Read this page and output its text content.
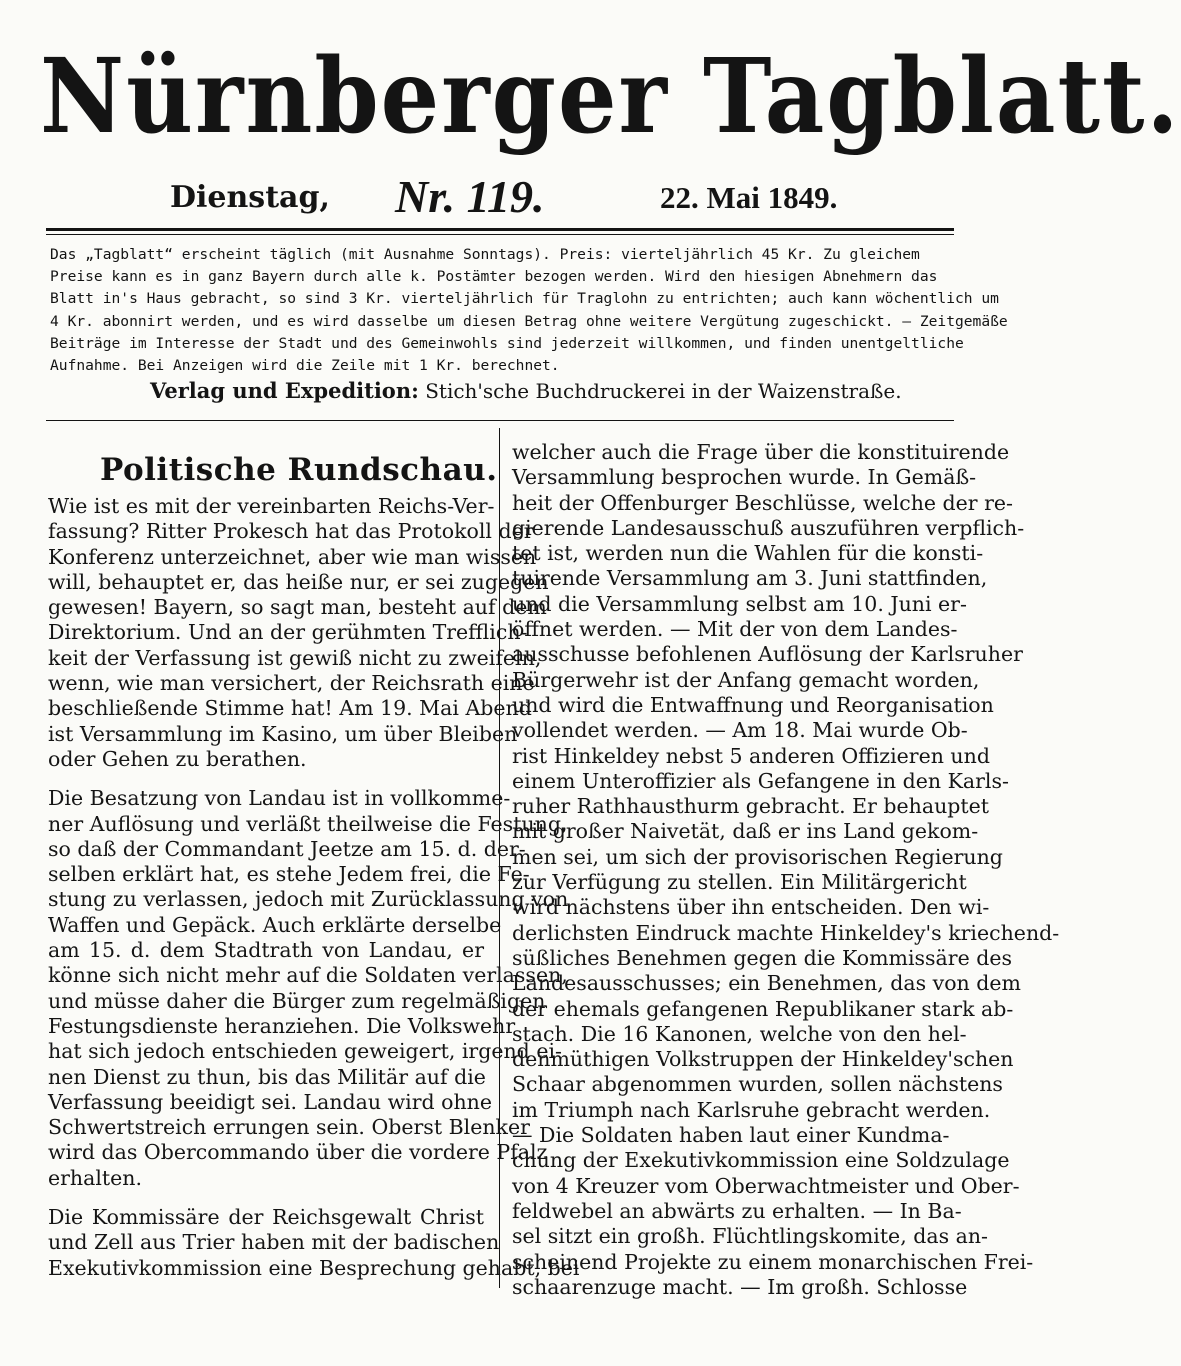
Nürnberger Tagblatt.
Dienstag, Nr. 119.	22. Mai 1849.
Das „Tagblatt“ erscheint täglich (mit Ausnahme Sonntags). Preis: vierteljährlich 45 Kr. Zu gleichem
Preise kann es in ganz Bayern durch alle k. Postämter bezogen werden. Wird den hiesigen Abnehmern das
Blatt in's Haus gebracht, so sind 3 Kr. vierteljährlich für Traglohn zu entrichten; auch kann wöchentlich um
4 Kr. abonnirt werden, und es wird dasselbe um diesen Betrag ohne weitere Vergütung zugeschickt. — Zeitgemäße
Beiträge im Interesse der Stadt und des Gemeinwohls sind jederzeit willkommen, und finden unentgeltliche
Aufnahme. Bei Anzeigen wird die Zeile mit 1 Kr. berechnet.
Verlag und Expedition: Stich'sche Buchdruckerei in der Waizenstraße.
Politische Rundschau.
Wie ist es mit der vereinbarten Reichs-Ver-
fassung? Ritter Prokesch hat das Protokoll der
Konferenz unterzeichnet, aber wie man wissen
will, behauptet er, das heiße nur, er sei zugegen
gewesen! Bayern, so sagt man, besteht auf dem
Direktorium. Und an der gerühmten Trefflich-
keit der Verfassung ist gewiß nicht zu zweifeln,
wenn, wie man versichert, der Reichsrath eine
beschließende Stimme hat! Am 19. Mai Abend
ist Versammlung im Kasino, um über Bleiben
oder Gehen zu berathen.
Die Besatzung von Landau ist in vollkomme-
ner Auflösung und verläßt theilweise die Festung,
so daß der Commandant Jeetze am 15. d. der-
selben erklärt hat, es stehe Jedem frei, die Fe-
stung zu verlassen, jedoch mit Zurücklassung von
Waffen und Gepäck. Auch erklärte derselbe
am 15. d. dem Stadtrath von Landau, er
könne sich nicht mehr auf die Soldaten verlassen,
und müsse daher die Bürger zum regelmäßigen
Festungsdienste heranziehen. Die Volkswehr
hat sich jedoch entschieden geweigert, irgend ei-
nen Dienst zu thun, bis das Militär auf die
Verfassung beeidigt sei. Landau wird ohne
Schwertstreich errungen sein. Oberst Blenker
wird das Obercommando über die vordere Pfalz
erhalten.
Die Kommissäre der Reichsgewalt Christ
und Zell aus Trier haben mit der badischen
Exekutivkommission eine Besprechung gehabt, bei
welcher auch die Frage über die konstituirende
Versammlung besprochen wurde. In Gemäß-
heit der Offenburger Beschlüsse, welche der re-
gierende Landesausschuß auszuführen verpflich-
tet ist, werden nun die Wahlen für die konsti-
tuirende Versammlung am 3. Juni stattfinden,
und die Versammlung selbst am 10. Juni er-
öffnet werden. — Mit der von dem Landes-
ausschusse befohlenen Auflösung der Karlsruher
Bürgerwehr ist der Anfang gemacht worden,
und wird die Entwaffnung und Reorganisation
vollendet werden. — Am 18. Mai wurde Ob-
rist Hinkeldey nebst 5 anderen Offizieren und
einem Unteroffizier als Gefangene in den Karls-
ruher Rathhausthurm gebracht. Er behauptet
mit großer Naivetät, daß er ins Land gekom-
men sei, um sich der provisorischen Regierung
zur Verfügung zu stellen. Ein Militärgericht
wird nächstens über ihn entscheiden. Den wi-
derlichsten Eindruck machte Hinkeldey's kriechend-
süßliches Benehmen gegen die Kommissäre des
Landesausschusses; ein Benehmen, das von dem
der ehemals gefangenen Republikaner stark ab-
stach. Die 16 Kanonen, welche von den hel-
denmüthigen Volkstruppen der Hinkeldey'schen
Schaar abgenommen wurden, sollen nächstens
im Triumph nach Karlsruhe gebracht werden.
— Die Soldaten haben laut einer Kundma-
chung der Exekutivkommission eine Soldzulage
von 4 Kreuzer vom Oberwachtmeister und Ober-
feldwebel an abwärts zu erhalten. — In Ba-
sel sitzt ein großh. Flüchtlingskomite, das an-
scheinend Projekte zu einem monarchischen Frei-
schaarenzuge macht. — Im großh. Schlosse
